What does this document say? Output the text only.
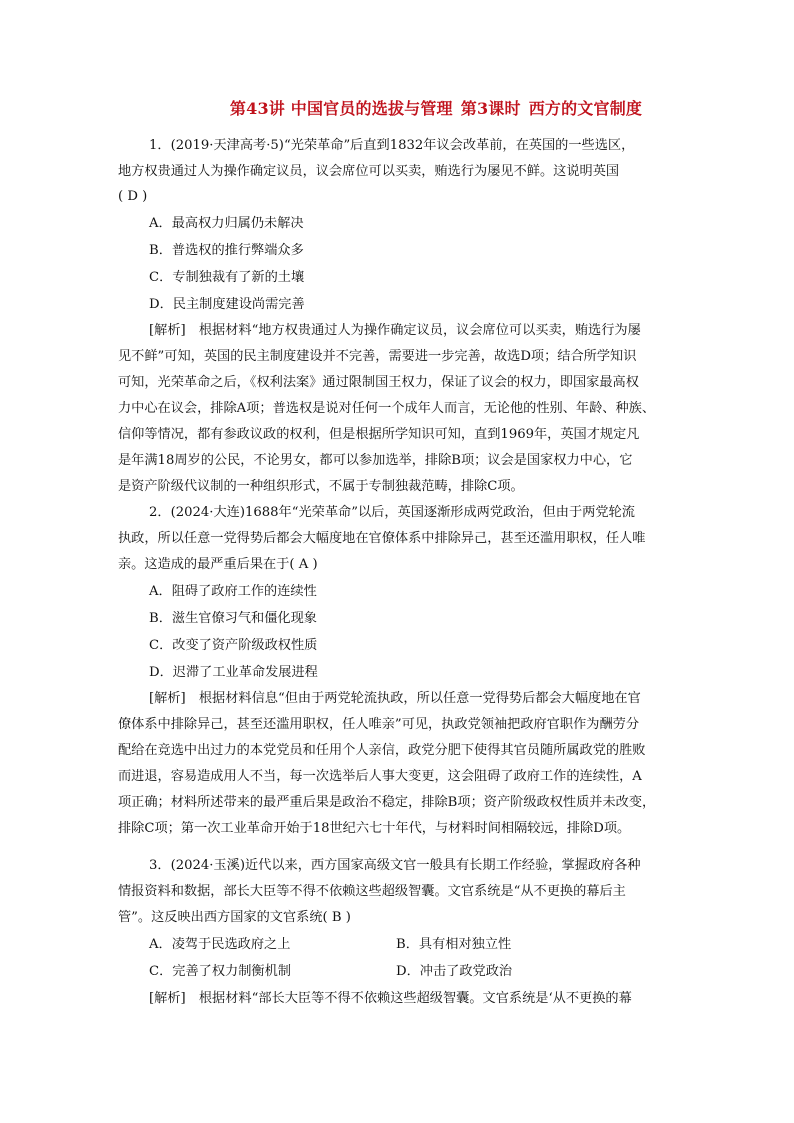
第43讲 中国官员的选拔与管理 第3课时 西方的文官制度
1．(2019·天津高考·5)“光荣革命”后直到1832年议会改革前，在英国的一些选区，
地方权贵通过人为操作确定议员，议会席位可以买卖，贿选行为屡见不鲜。这说明英国
( D )
A．最高权力归属仍未解决
B．普选权的推行弊端众多
C．专制独裁有了新的土壤
D．民主制度建设尚需完善
[解析]　根据材料“地方权贵通过人为操作确定议员，议会席位可以买卖，贿选行为屡
见不鲜”可知，英国的民主制度建设并不完善，需要进一步完善，故选D项；结合所学知识
可知，光荣革命之后，《权利法案》通过限制国王权力，保证了议会的权力，即国家最高权
力中心在议会，排除A项；普选权是说对任何一个成年人而言，无论他的性别、年龄、种族、
信仰等情况，都有参政议政的权利，但是根据所学知识可知，直到1969年，英国才规定凡
是年满18周岁的公民，不论男女，都可以参加选举，排除B项；议会是国家权力中心，它
是资产阶级代议制的一种组织形式，不属于专制独裁范畴，排除C项。
2．(2024·大连)1688年“光荣革命”以后，英国逐渐形成两党政治，但由于两党轮流
执政，所以任意一党得势后都会大幅度地在官僚体系中排除异己，甚至还滥用职权，任人唯
亲。这造成的最严重后果在于( A )
A．阻碍了政府工作的连续性
B．滋生官僚习气和僵化现象
C．改变了资产阶级政权性质
D．迟滞了工业革命发展进程
[解析]　根据材料信息“但由于两党轮流执政，所以任意一党得势后都会大幅度地在官
僚体系中排除异己，甚至还滥用职权，任人唯亲”可见，执政党领袖把政府官职作为酬劳分
配给在竞选中出过力的本党党员和任用个人亲信，政党分肥下使得其官员随所属政党的胜败
而进退，容易造成用人不当，每一次选举后人事大变更，这会阻碍了政府工作的连续性，A
项正确；材料所述带来的最严重后果是政治不稳定，排除B项；资产阶级政权性质并未改变，
排除C项；第一次工业革命开始于18世纪六七十年代，与材料时间相隔较远，排除D项。
3．(2024·玉溪)近代以来，西方国家高级文官一般具有长期工作经验，掌握政府各种
情报资料和数据，部长大臣等不得不依赖这些超级智囊。文官系统是“从不更换的幕后主
管”。这反映出西方国家的文官系统( B )
A．凌驾于民选政府之上	B．具有相对独立性
C．完善了权力制衡机制	D．冲击了政党政治
[解析]　根据材料“部长大臣等不得不依赖这些超级智囊。文官系统是‘从不更换的幕
